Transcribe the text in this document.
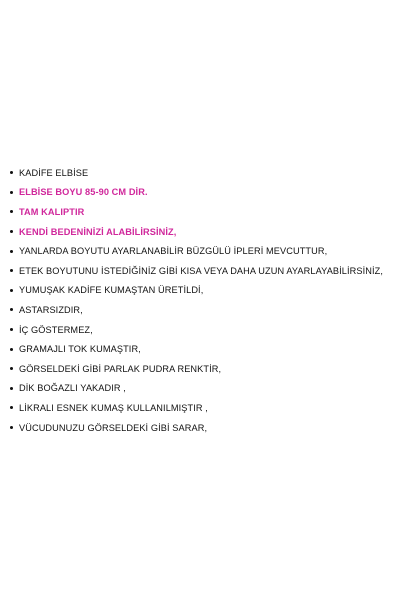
KADİFE ELBİSE
ELBİSE BOYU 85-90 CM DİR.
TAM KALIPTIR
KENDİ BEDENİNİZİ ALABİLİRSİNİZ,
YANLARDA BOYUTU AYARLANABİLİR BÜZGÜLÜ İPLERİ MEVCUTTUR,
ETEK BOYUTUNU İSTEDİĞİNİZ GİBİ KISA VEYA DAHA UZUN AYARLAYABİLİRSİNİZ,
YUMUŞAK KADİFE KUMAŞTAN ÜRETİLDİ,
ASTARSIZDIR,
İÇ GÖSTERMEZ,
GRAMAJLI TOK KUMAŞTIR,
GÖRSELDEKİ GİBİ PARLAK PUDRA RENKTİR,
DİK BOĞAZLI YAKADIR ,
LİKRALI ESNEK KUMAŞ KULLANILMIŞTIR ,
VÜCUDUNUZU GÖRSELDEKİ GİBİ SARAR,
